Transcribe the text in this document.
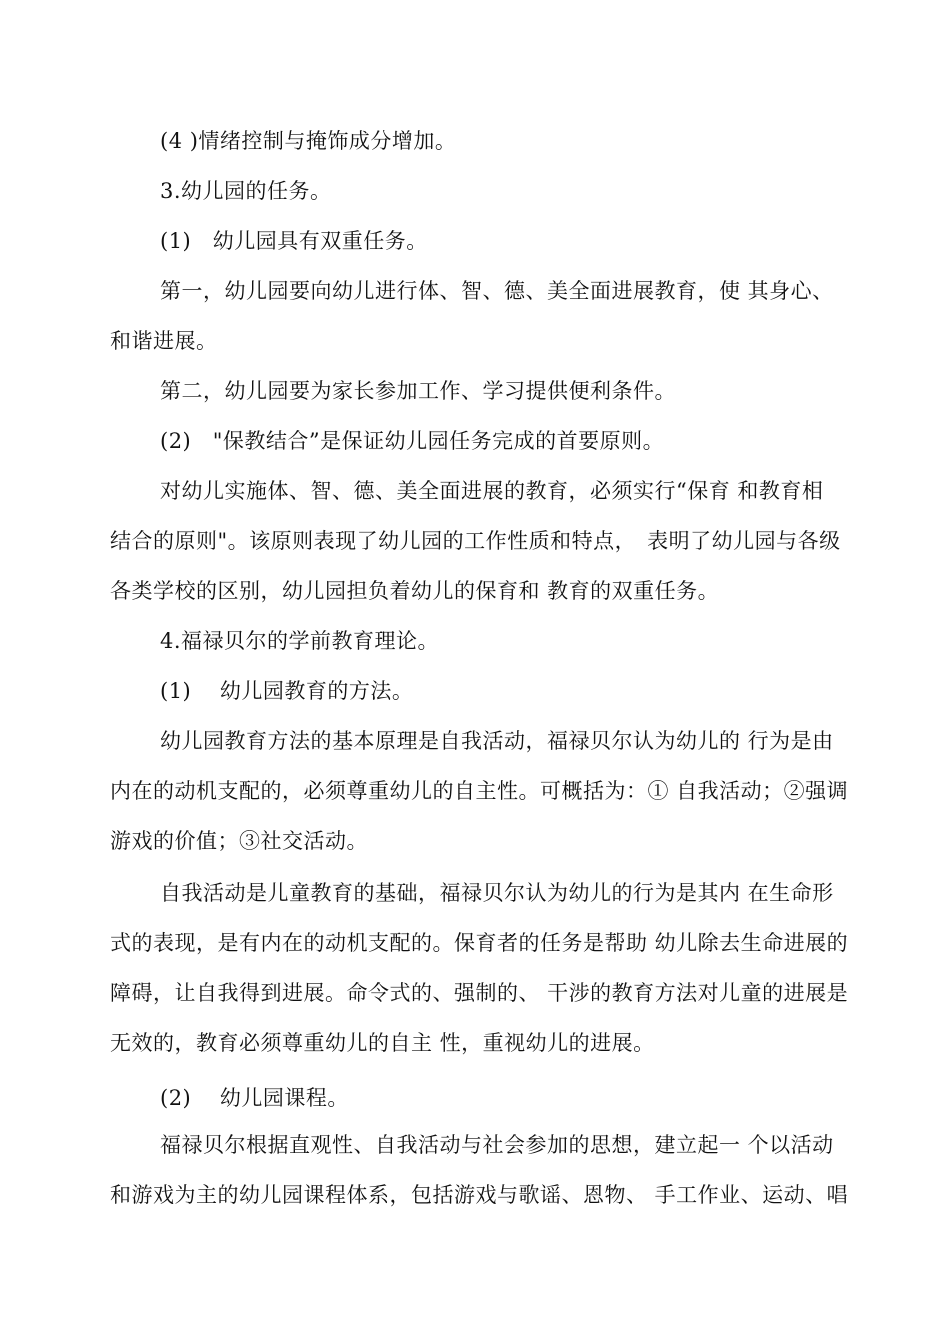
(4 )情绪控制与掩饰成分增加。
3.幼儿园的任务。
(1)　幼儿园具有双重任务。
第一，幼儿园要向幼儿进行体、智、德、美全面进展教育，使 其身心、
和谐进展。
第二，幼儿园要为家长参加工作、学习提供便利条件。
(2)　"保教结合”是保证幼儿园任务完成的首要原则。
对幼儿实施体、智、德、美全面进展的教育，必须实行“保育 和教育相
结合的原则"。该原则表现了幼儿园的工作性质和特点，　表明了幼儿园与各级
各类学校的区别，幼儿园担负着幼儿的保育和 教育的双重任务。
4.福禄贝尔的学前教育理论。
(1)　 幼儿园教育的方法。
幼儿园教育方法的基本原理是自我活动，福禄贝尔认为幼儿的 行为是由
内在的动机支配的，必须尊重幼儿的自主性。可概括为：① 自我活动；②强调
游戏的价值；③社交活动。
自我活动是儿童教育的基础，福禄贝尔认为幼儿的行为是其内 在生命形
式的表现，是有内在的动机支配的。保育者的任务是帮助 幼儿除去生命进展的
障碍，让自我得到进展。命令式的、强制的、 干涉的教育方法对儿童的进展是
无效的，教育必须尊重幼儿的自主 性，重视幼儿的进展。
(2)　 幼儿园课程。
福禄贝尔根据直观性、自我活动与社会参加的思想，建立起一 个以活动
和游戏为主的幼儿园课程体系，包括游戏与歌谣、恩物、 手工作业、运动、唱
